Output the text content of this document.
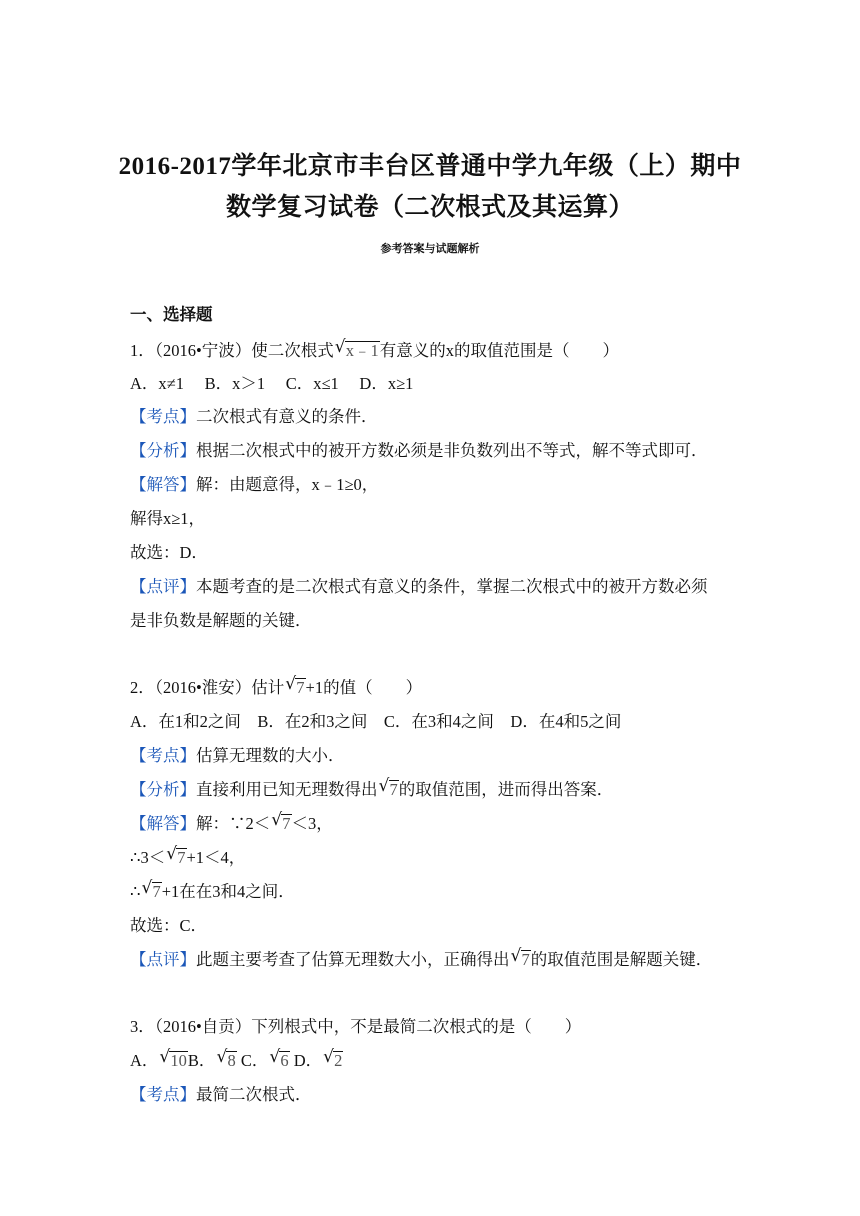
2016-2017学年北京市丰台区普通中学九年级（上）期中
数学复习试卷（二次根式及其运算）
参考答案与试题解析
一、选择题
1．（2016•宁波）使二次根式 √ x﹣1有意义的x的取值范围是（　　）
A．x≠1　 B．x＞1　 C．x≤1　 D．x≥1
【考点】二次根式有意义的条件．
【分析】根据二次根式中的被开方数必须是非负数列出不等式，解不等式即可．
【解答】解：由题意得，x﹣1≥0，
解得x≥1，
故选：D．
【点评】本题考查的是二次根式有意义的条件，掌握二次根式中的被开方数必须
是非负数是解题的关键．
2．（2016•淮安）估计 √ 7+1的值（　　）
A．在1和2之间　B．在2和3之间　C．在3和4之间　D．在4和5之间
【考点】估算无理数的大小．
【分析】直接利用已知无理数得出 √ 7的取值范围，进而得出答案．
【解答】解：∵2＜ √ 7＜3，
∴3＜ √ 7+1＜4，
∴ √ 7+1在在3和4之间．
故选：C．
【点评】此题主要考查了估算无理数大小，正确得出 √ 7的取值范围是解题关键．
3．（2016•自贡）下列根式中，不是最简二次根式的是（　　）
A． √ 10B． √ 8 C． √ 6 D． √ 2
【考点】最简二次根式．
